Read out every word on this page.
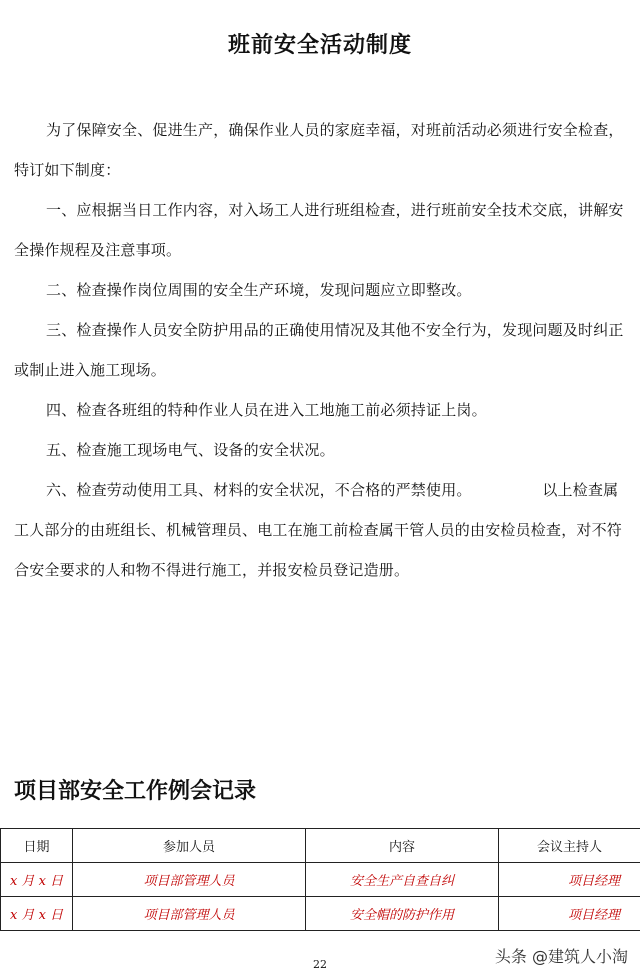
班前安全活动制度

为了保障安全、促进生产，确保作业人员的家庭幸福，对班前活动必须进行安全检查，特订如下制度：

一、应根据当日工作内容，对入场工人进行班组检查，进行班前安全技术交底，讲解安全操作规程及注意事项。

二、检查操作岗位周围的安全生产环境，发现问题应立即整改。

三、检查操作人员安全防护用品的正确使用情况及其他不安全行为，发现问题及时纠正或制止进入施工现场。

四、检查各班组的特种作业人员在进入工地施工前必须持证上岗。

五、检查施工现场电气、设备的安全状况。

六、检查劳动使用工具、材料的安全状况，不合格的严禁使用。 　　　　 以上检查属工人部分的由班组长、机械管理员、电工在施工前检查属干管人员的由安检员检查，对不符合安全要求的人和物不得进行施工，并报安检员登记造册。

项目部安全工作例会记录
日期	参加人员	内容	会议主持人
x 月 x 日	项目部管理人员	安全生产自查自纠	项目经理
x 月 x 日	项目部管理人员	安全帽的防护作用	项目经理
22	头条 @建筑人小淘
